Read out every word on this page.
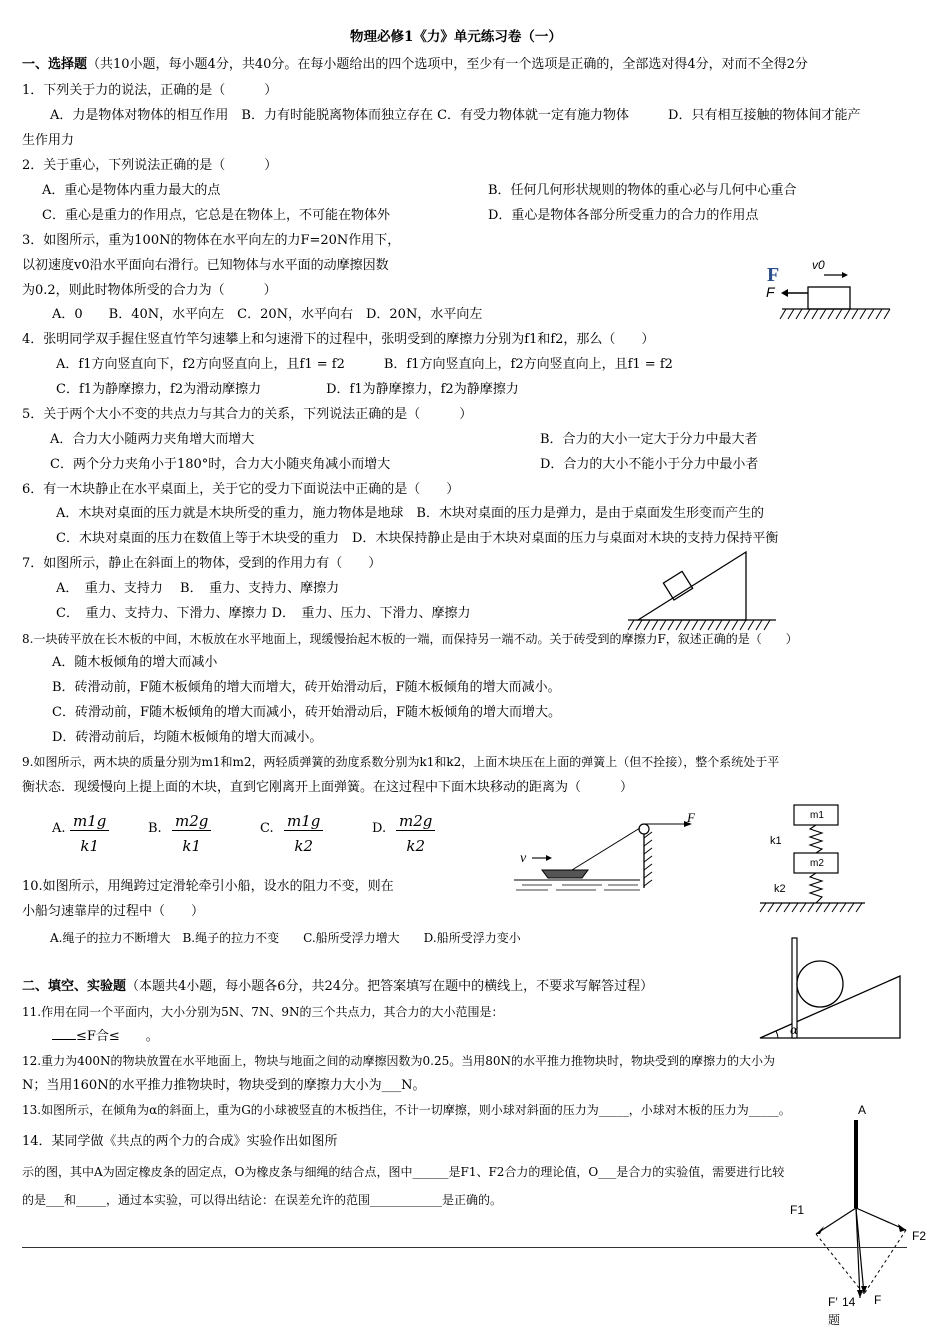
物理必修1《力》单元练习卷（一）
一、选择题（共10小题，每小题4分，共40分。在每小题给出的四个选项中，至少有一个选项是正确的，全部选对得4分，对而不全得2分
1．下列关于力的说法，正确的是（　　　）
A．力是物体对物体的相互作用　B．力有时能脱离物体而独立存在 C．有受力物体就一定有施力物体　　　D．只有相互接触的物体间才能产
生作用力
2．关于重心，下列说法正确的是（　　　）
A．重心是物体内重力最大的点	B．任何几何形状规则的物体的重心必与几何中心重合
C．重心是重力的作用点，它总是在物体上，不可能在物体外	D．重心是物体各部分所受重力的合力的作用点
3．如图所示，重为100N的物体在水平向左的力F=20N作用下，
以初速度v0沿水平面向右滑行。已知物体与水平面的动摩擦因数
为0.2，则此时物体所受的合力为（　　　）
A．0　　B．40N，水平向左　C．20N，水平向右　D．20N，水平向左
F
F
v0
4．张明同学双手握住竖直竹竿匀速攀上和匀速滑下的过程中，张明受到的摩擦力分别为f1和f2，那么（　　）
A．f1方向竖直向下，f2方向竖直向上，且f1 = f2　　　B．f1方向竖直向上，f2方向竖直向上，且f1 = f2
C．f1为静摩擦力，f2为滑动摩擦力　　　　　D．f1为静摩擦力，f2为静摩擦力
5．关于两个大小不变的共点力与其合力的关系，下列说法正确的是（　　　）
A．合力大小随两力夹角增大而增大	B．合力的大小一定大于分力中最大者
C．两个分力夹角小于180°时，合力大小随夹角减小而增大	D．合力的大小不能小于分力中最小者
6．有一木块静止在水平桌面上，关于它的受力下面说法中正确的是（　　）
A．木块对桌面的压力就是木块所受的重力，施力物体是地球　B．木块对桌面的压力是弹力，是由于桌面发生形变而产生的
C．木块对桌面的压力在数值上等于木块受的重力　D．木块保持静止是由于木块对桌面的压力与桌面对木块的支持力保持平衡
7．如图所示，静止在斜面上的物体，受到的作用力有（　　）
A．　重力、支持力　 B．　重力、支持力、摩擦力
C．　重力、支持力、下滑力、摩擦力 D．　重力、压力、下滑力、摩擦力
8.一块砖平放在长木板的中间，木板放在水平地面上，现缓慢抬起木板的一端，而保持另一端不动。关于砖受到的摩擦力F，叙述正确的是（　　）
A．随木板倾角的增大而减小
B．砖滑动前，F随木板倾角的增大而增大，砖开始滑动后，F随木板倾角的增大而减小。
C．砖滑动前，F随木板倾角的增大而减小，砖开始滑动后，F随木板倾角的增大而增大。
D．砖滑动前后，均随木板倾角的增大而减小。
9.如图所示，两木块的质量分别为m1和m2，两轻质弹簧的劲度系数分别为k1和k2，上面木块压在上面的弹簧上（但不拴接），整个系统处于平
衡状态．现缓慢向上提上面的木块，直到它刚离开上面弹簧。在这过程中下面木块移动的距离为（　　　）
A. $\frac{m1g}{k1}$	B. $\frac{m2g}{k1}$	C. $\frac{m1g}{k2}$	D. $\frac{m2g}{k2}$	m1
k1
m2
k2
10.如图所示，用绳跨过定滑轮牵引小船，设水的阻力不变，则在
小船匀速靠岸的过程中（　　）
A.绳子的拉力不断增大　B.绳子的拉力不变　　C.船所受浮力增大　　D.船所受浮力变小
v
F
二、填空、实验题（本题共4小题，每小题各6分，共24分。把答案填写在题中的横线上，不要求写解答过程）
11.作用在同一个平面内，大小分别为5N、7N、9N的三个共点力，其合力的大小范围是：
≤F合≤　　。	α
12.重力为400N的物块放置在水平地面上，物块与地面之间的动摩擦因数为0.25。当用80N的水平推力推物块时，物块受到的摩擦力的大小为
N；当用160N的水平推力推物块时，物块受到的摩擦力大小为___N。
13.如图所示，在倾角为α的斜面上，重为G的小球被竖直的木板挡住，不计一切摩擦，则小球对斜面的压力为_____，小球对木板的压力为_____。
14．某同学做《共点的两个力的合成》实验作出如图所
示的图，其中A为固定橡皮条的固定点，O为橡皮条与细绳的结合点，图中______是F1、F2合力的理论值，O___是合力的实验值，需要进行比较
的是___和_____，通过本实验，可以得出结论：在误差允许的范围____________是正确的。
A
F1
F2
F
F′ 14
题
